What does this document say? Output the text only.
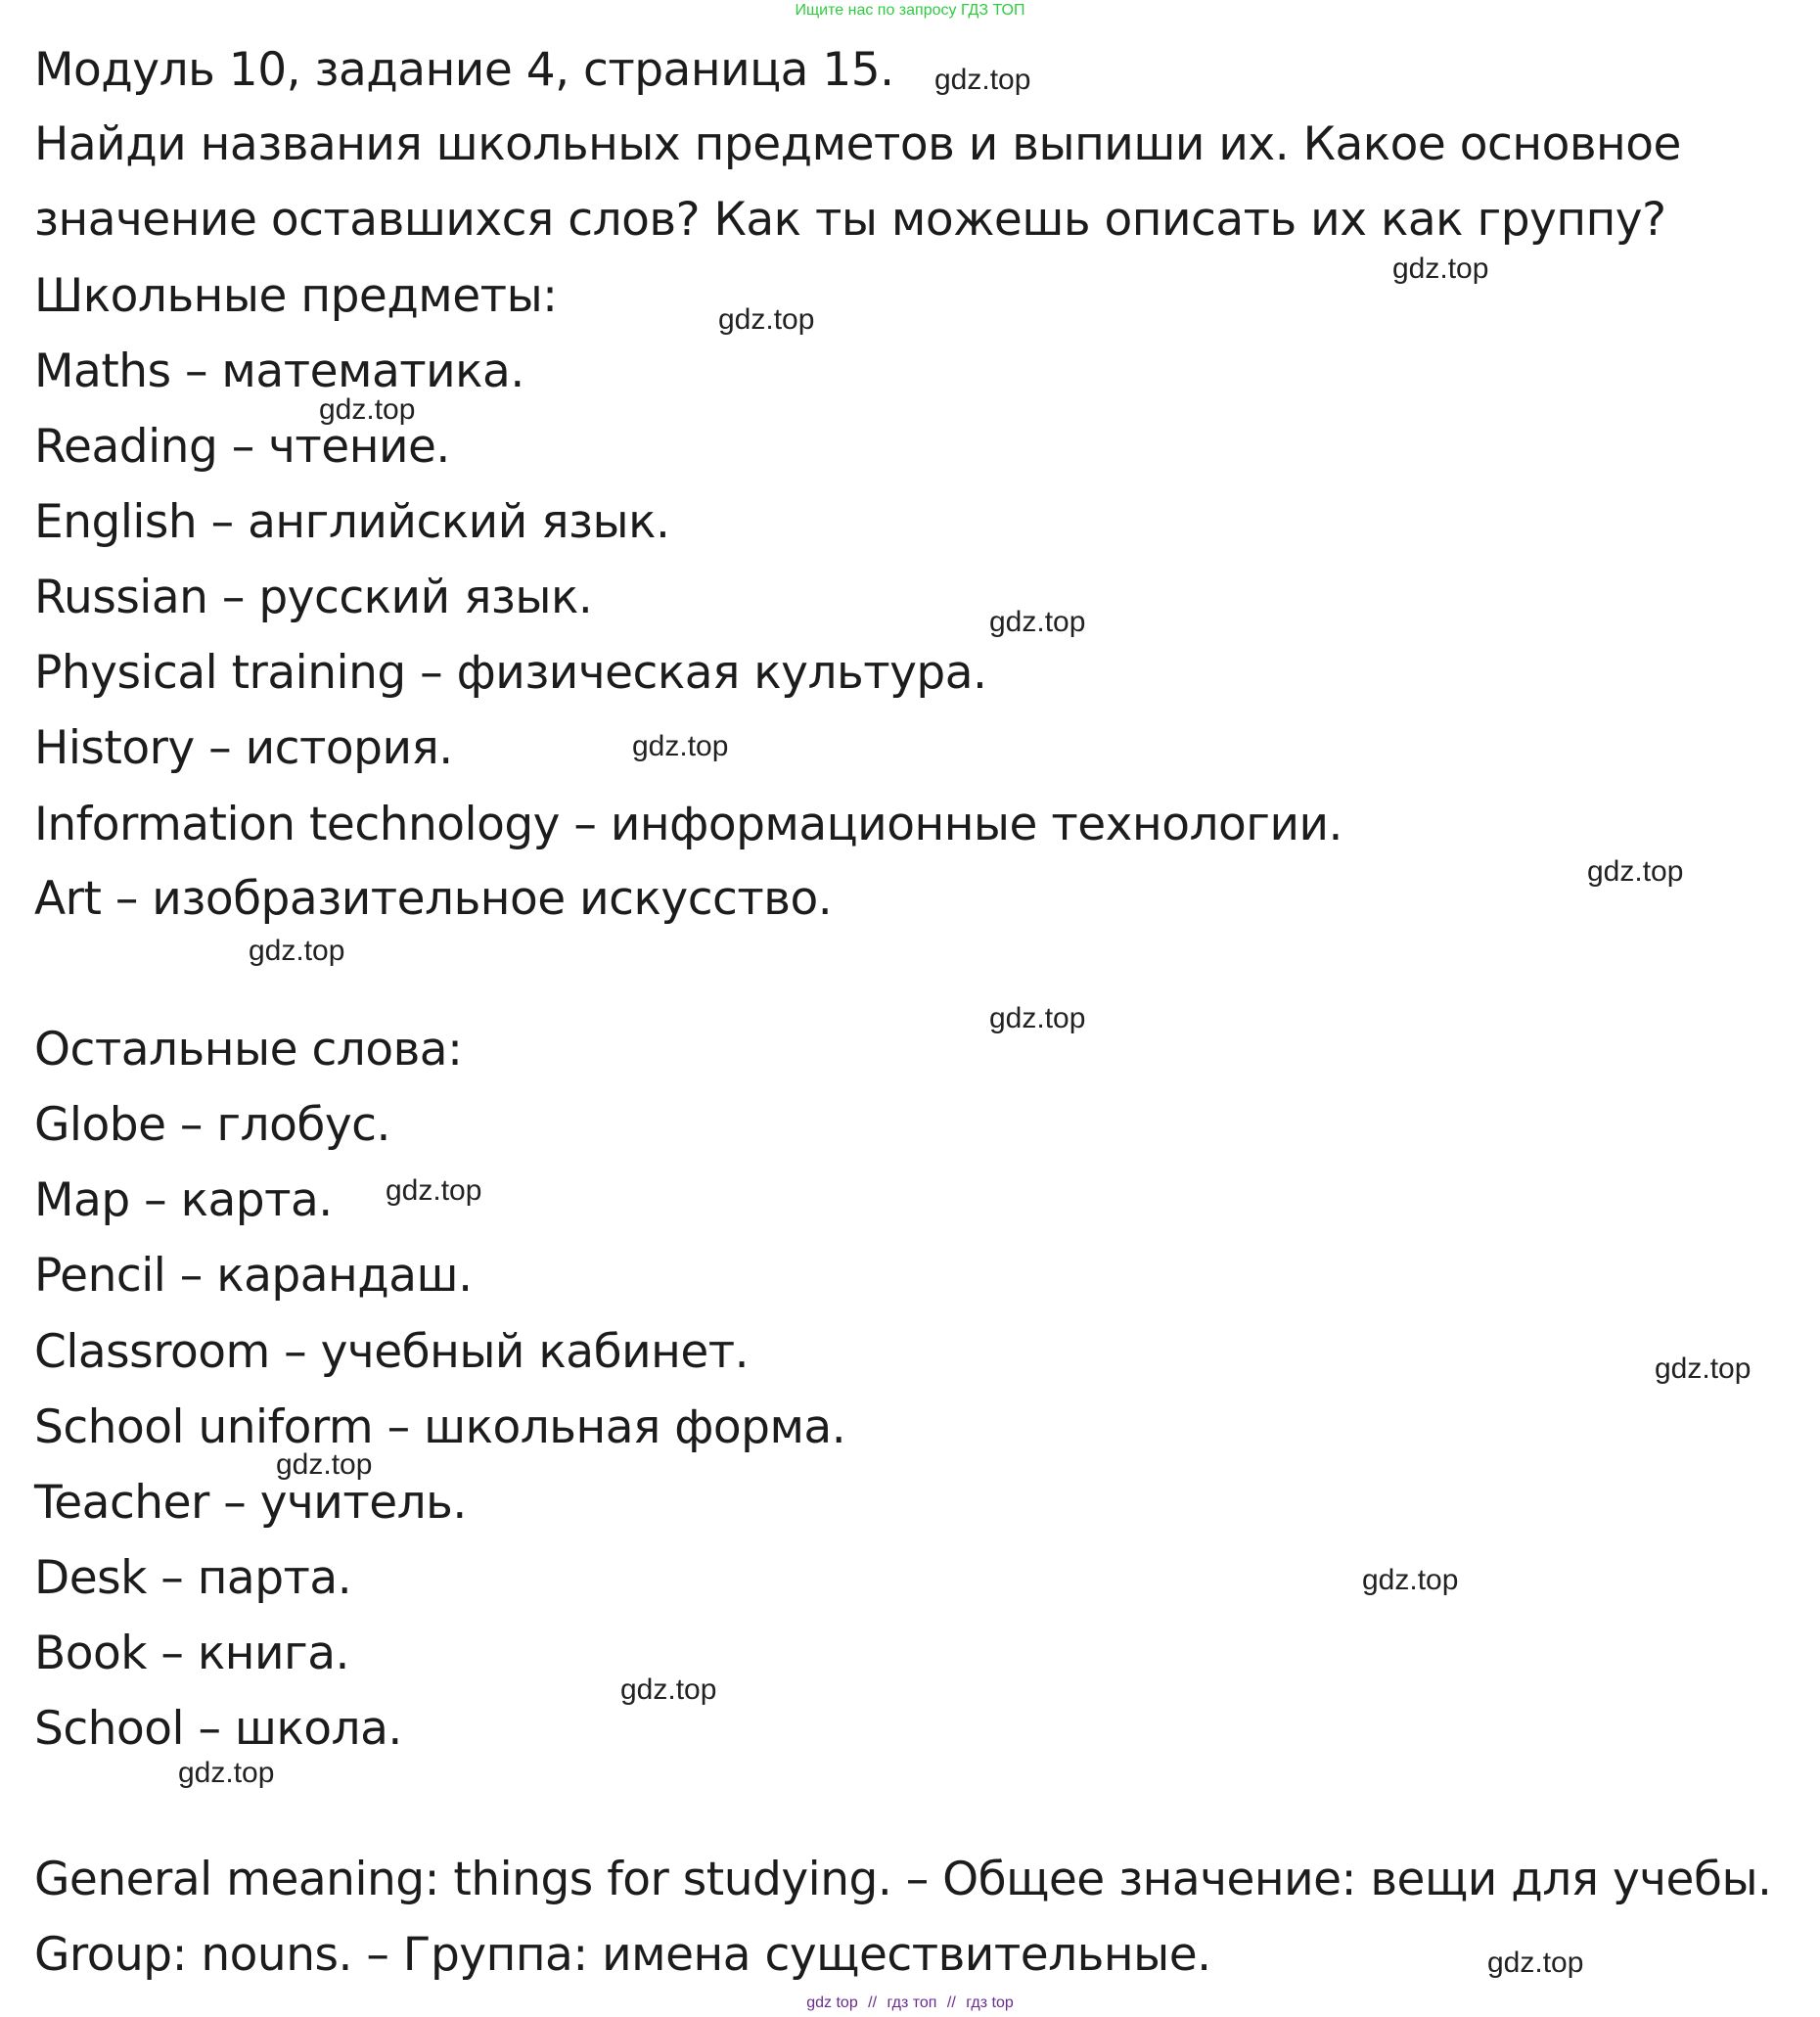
Ищите нас по запросу ГДЗ ТОП
Модуль 10, задание 4, страница 15.
Найди названия школьных предметов и выпиши их. Какое основное
значение оставшихся слов? Как ты можешь описать их как группу?
Школьные предметы:
Maths – математика.
Reading – чтение.
English – английский язык.
Russian – русский язык.
Physical training – физическая культура.
History – история.
Information technology – информационные технологии.
Art – изобразительное искусство.
Остальные слова:
Globe – глобус.
Map – карта.
Pencil – карандаш.
Classroom – учебный кабинет.
School uniform – школьная форма.
Teacher – учитель.
Desk – парта.
Book – книга.
School – школа.
General meaning: things for studying. – Общее значение: вещи для учебы.
Group: nouns. – Группа: имена существительные.
gdz.top
gdz.top
gdz.top
gdz.top
gdz.top
gdz.top
gdz.top
gdz.top
gdz.top
gdz.top
gdz.top
gdz.top
gdz.top
gdz.top
gdz.top
gdz.top
gdz top // гдз топ // гдз top
